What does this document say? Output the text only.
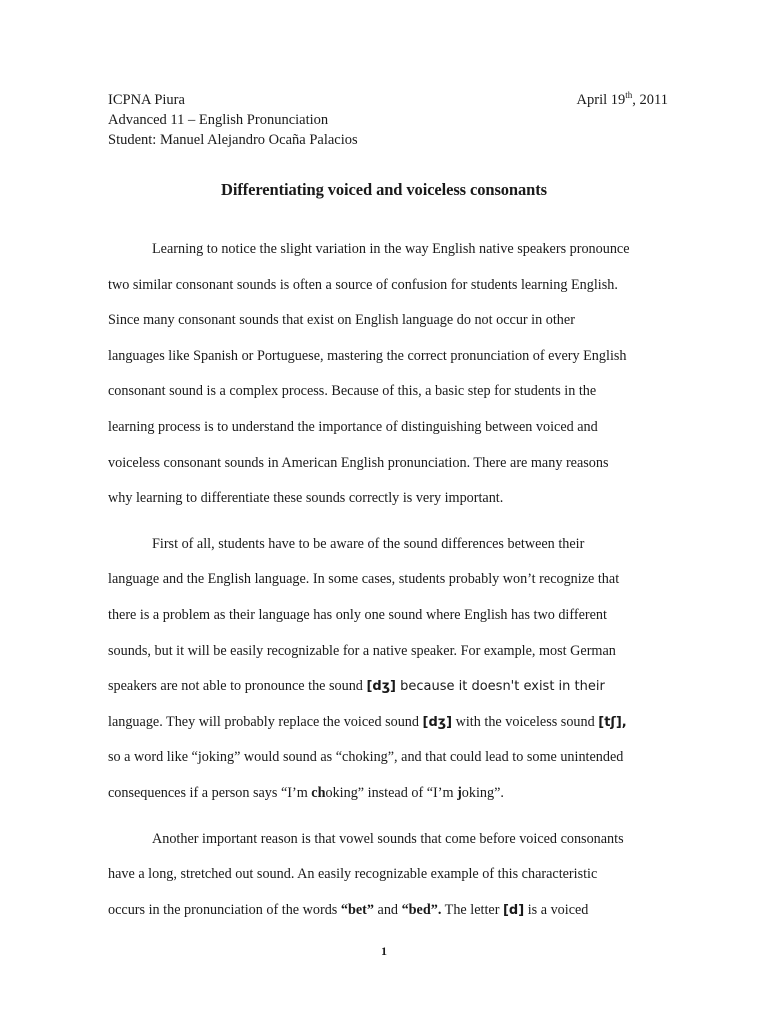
ICPNA Piura
Advanced 11 – English Pronunciation
Student: Manuel Alejandro Ocaña Palacios
April 19th, 2011
Differentiating voiced and voiceless consonants
Learning to notice the slight variation in the way English native speakers pronounce
two similar consonant sounds is often a source of confusion for students learning English.
Since many consonant sounds that exist on English language do not occur in other
languages like Spanish or Portuguese, mastering the correct pronunciation of every English
consonant sound is a complex process. Because of this, a basic step for students in the
learning process is to understand the importance of distinguishing between voiced and
voiceless consonant sounds in American English pronunciation. There are many reasons
why learning to differentiate these sounds correctly is very important.
First of all, students have to be aware of the sound differences between their
language and the English language. In some cases, students probably won’t recognize that
there is a problem as their language has only one sound where English has two different
sounds, but it will be easily recognizable for a native speaker. For example, most German
speakers are not able to pronounce the sound [dʒ] because it doesn't exist in their
language. They will probably replace the voiced sound [dʒ] with the voiceless sound [tʃ],
so a word like “joking” would sound as “choking”, and that could lead to some unintended
consequences if a person says “I’m choking” instead of “I’m joking”.
Another important reason is that vowel sounds that come before voiced consonants
have a long, stretched out sound. An easily recognizable example of this characteristic
occurs in the pronunciation of the words “bet” and “bed”. The letter [d] is a voiced
1
